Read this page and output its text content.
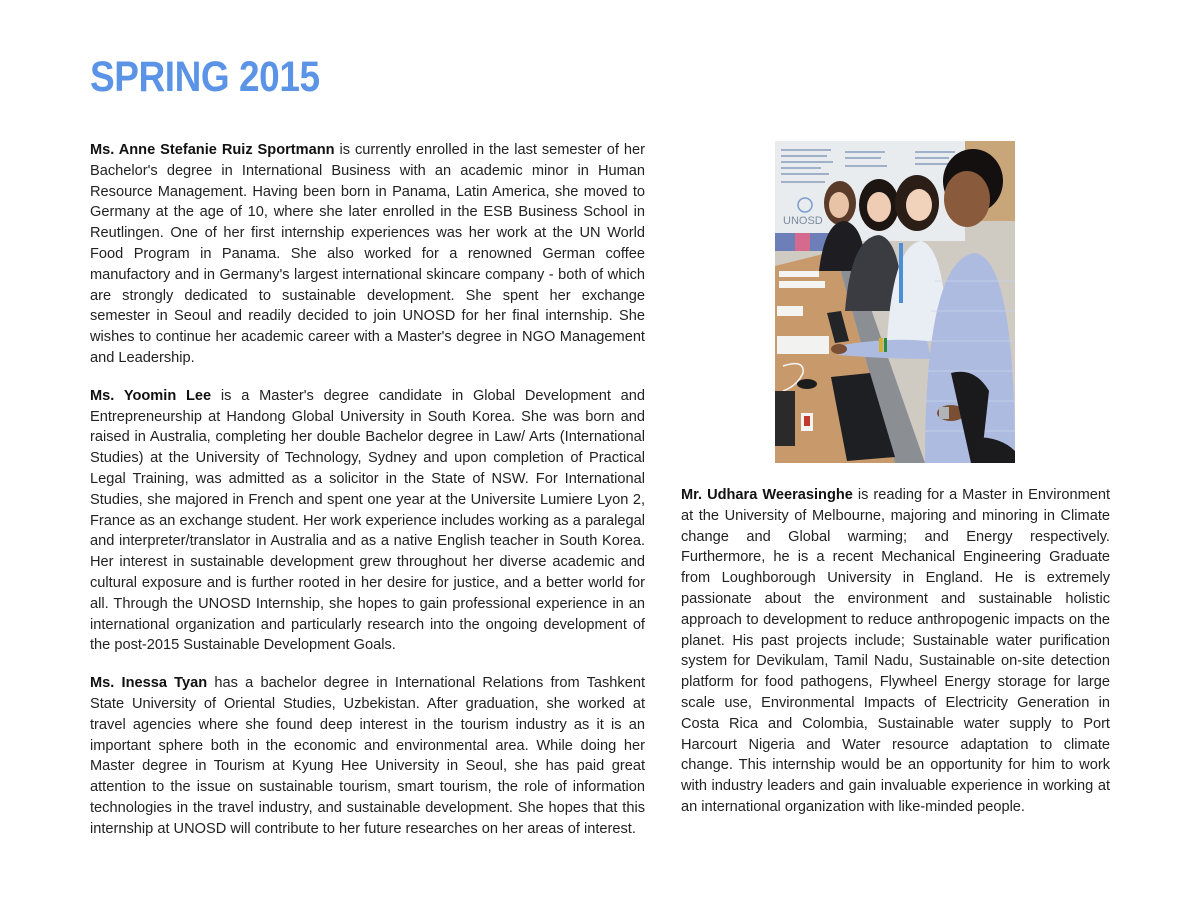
SPRING 2015

Ms. Anne Stefanie Ruiz Sportmann is currently enrolled in the last semester of her Bachelor's degree in International Business with an academic minor in Human Resource Management. Having been born in Panama, Latin America, she moved to Germany at the age of 10, where she later enrolled in the ESB Business School in Reutlingen. One of her first internship experiences was her work at the UN World Food Program in Panama. She also worked for a renowned German coffee manufactory and in Germany's largest international skincare company - both of which are strongly dedicated to sustainable development. She spent her exchange semester in Seoul and readily decided to join UNOSD for her final internship. She wishes to continue her academic career with a Master's degree in NGO Management and Leadership.

Ms. Yoomin Lee is a Master's degree candidate in Global Development and Entrepreneurship at Handong Global University in South Korea. She was born and raised in Australia, completing her double Bachelor degree in Law/ Arts (International Studies) at the University of Technology, Sydney and upon completion of Practical Legal Training, was admitted as a solicitor in the State of NSW. For International Studies, she majored in French and spent one year at the Universite Lumiere Lyon 2, France as an exchange student. Her work experience includes working as a paralegal and interpreter/translator in Australia and as a native English teacher in South Korea. Her interest in sustainable development grew throughout her diverse academic and cultural exposure and is further rooted in her desire for justice, and a better world for all. Through the UNOSD Internship, she hopes to gain professional experience in an international organization and particularly research into the ongoing development of the post-2015 Sustainable Development Goals.

Ms. Inessa Tyan has a bachelor degree in International Relations from Tashkent State University of Oriental Studies, Uzbekistan. After graduation, she worked at travel agencies where she found deep interest in the tourism industry as it is an important sphere both in the economic and environmental area. While doing her Master degree in Tourism at Kyung Hee University in Seoul, she has paid great attention to the issue on sustainable tourism, smart tourism, the role of information technologies in the travel industry, and sustainable development. She hopes that this internship at UNOSD will contribute to her future researches on her areas of interest.

UNOSD

Mr. Udhara Weerasinghe is reading for a Master in Environment at the University of Melbourne, majoring and minoring in Climate change and Global warming; and Energy respectively. Furthermore, he is a recent Mechanical Engineering Graduate from Loughborough University in England. He is extremely passionate about the environment and sustainable holistic approach to development to reduce anthropogenic impacts on the planet. His past projects include; Sustainable water purification system for Devikulam, Tamil Nadu, Sustainable on-site detection platform for food pathogens, Flywheel Energy storage for large scale use, Environmental Impacts of Electricity Generation in Costa Rica and Colombia, Sustainable water supply to Port Harcourt Nigeria and Water resource adaptation to climate change. This internship would be an opportunity for him to work with industry leaders and gain invaluable experience in working at an international organization with like-minded people.
